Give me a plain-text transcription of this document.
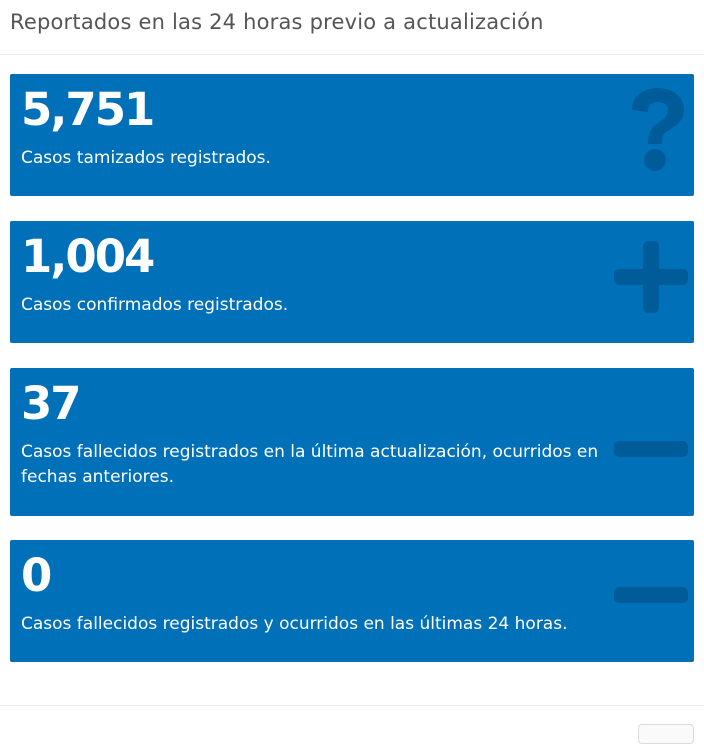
Reportados en las 24 horas previo a actualización
5,751
Casos tamizados registrados.
1,004
Casos confirmados registrados.
37
Casos fallecidos registrados en la última actualización, ocurridos en fechas anteriores.
0
Casos fallecidos registrados y ocurridos en las últimas 24 horas.
